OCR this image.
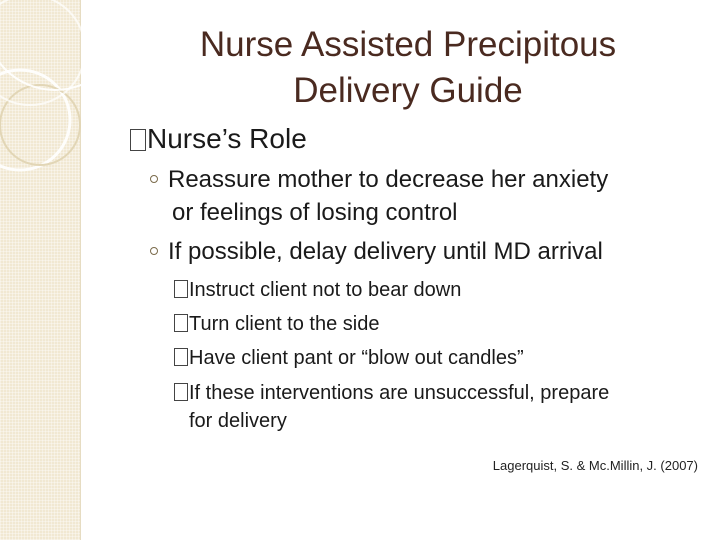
Nurse Assisted Precipitous
Delivery Guide
Nurse’s Role
Reassure mother to decrease her anxiety
or feelings of losing control
If possible, delay delivery until MD arrival
Instruct client not to bear down
Turn client to the side
Have client pant or “blow out candles”
If these interventions are unsuccessful, prepare
for delivery

Lagerquist, S. & Mc.Millin, J. (2007)
